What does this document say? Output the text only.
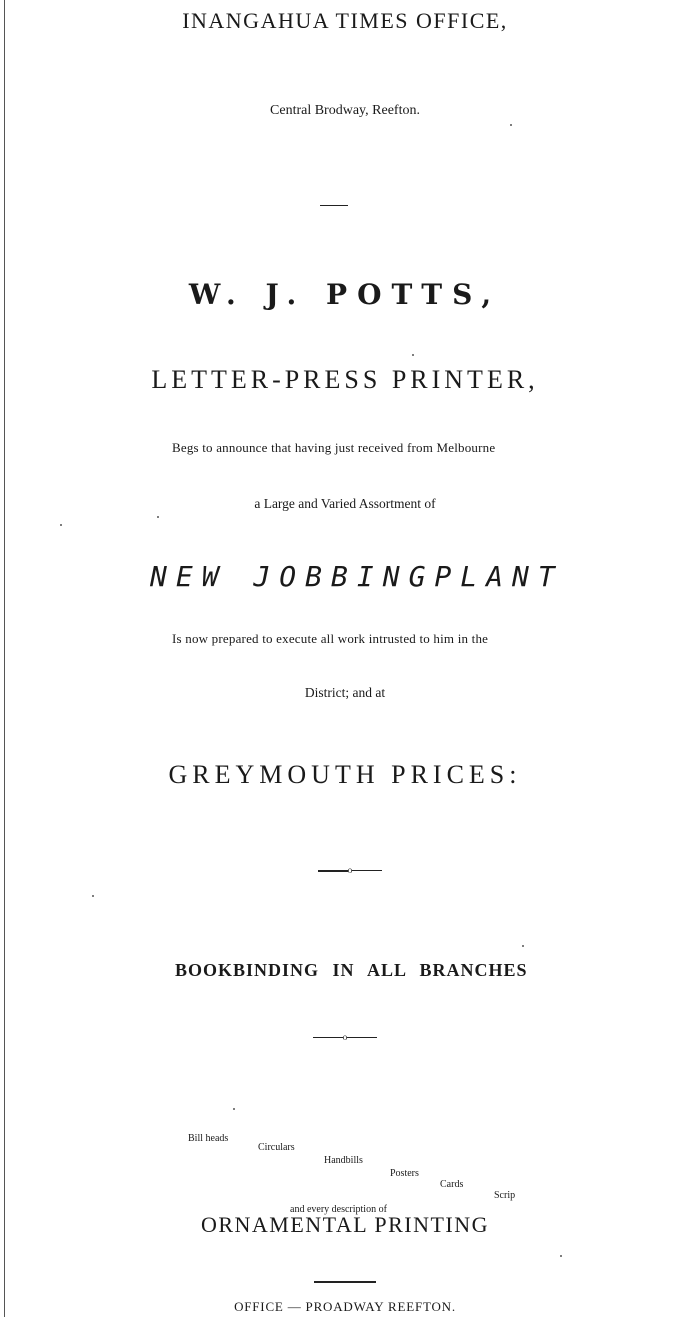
INANGAHUA TIMES OFFICE,
Central Brodway, Reefton.
W. J. POTTS,
LETTER-PRESS PRINTER,
Begs to announce that having just received from Melbourne
a Large and Varied Assortment of
NEW JOBBINGPLANT
Is now prepared to execute all work intrusted to him in the
District; and at
GREYMOUTH PRICES:
o
BOOKBINDING IN ALL BRANCHES
o
Bill heads
Circulars
Handbills
Posters
Cards
Scrip
and every description of
ORNAMENTAL PRINTING
OFFICE — PROADWAY REEFTON.
